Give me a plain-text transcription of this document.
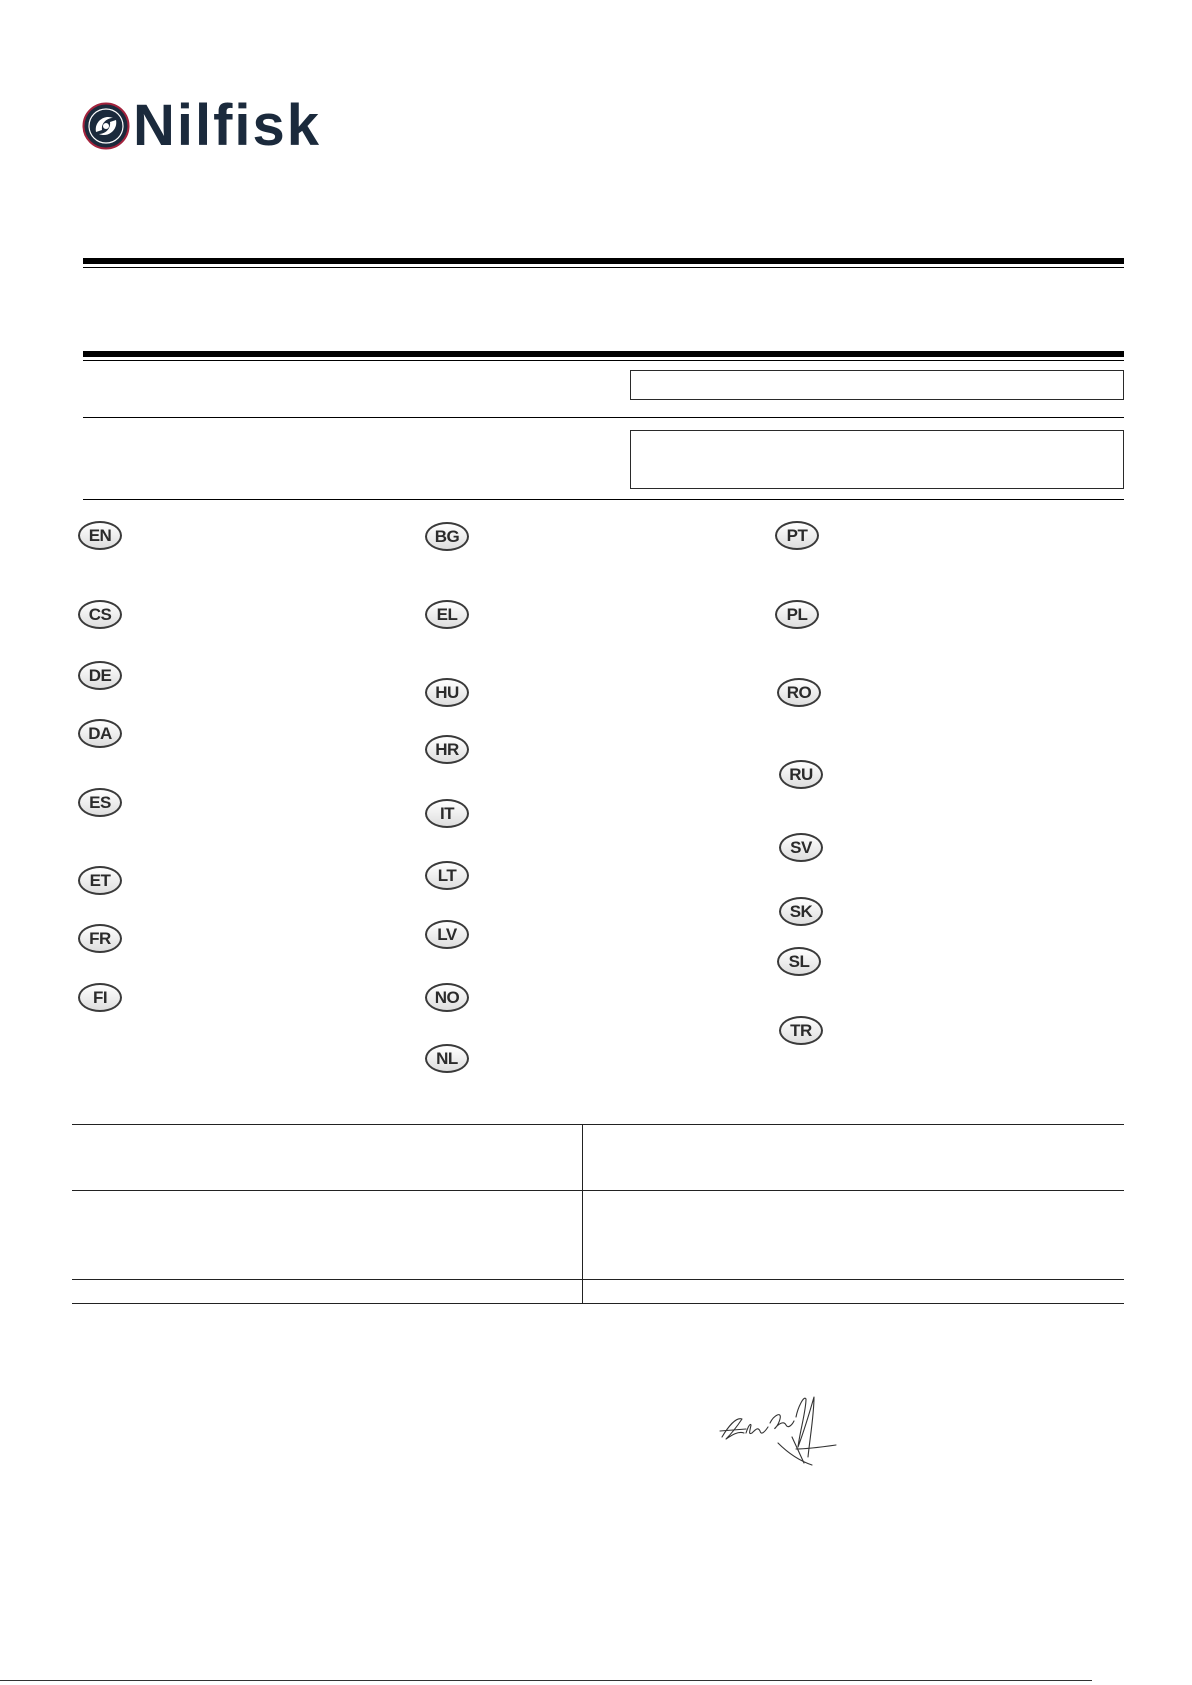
Nilfisk
EN
CS
DE
DA
ES
ET
FR
FI
BG
EL
HU
HR
IT
LT
LV
NO
NL
PT
PL
RO
RU
SV
SK
SL
TR
